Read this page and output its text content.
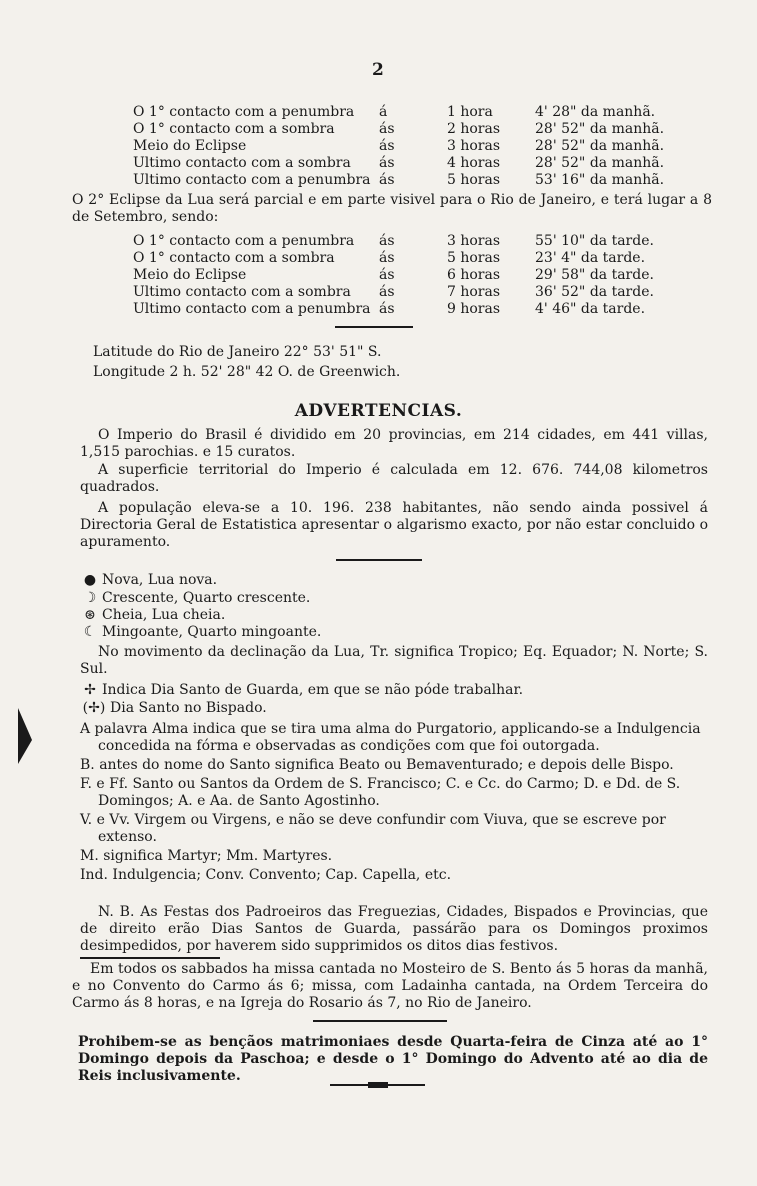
2
O 1° contacto com a penumbra á	1 hora	4' 28" da manhã.
O 1° contacto com a sombra	ás	2 horas 28' 52" da manhã.
Meio do Eclipse	ás	3 horas 28' 52" da manhã.
Ultimo contacto com a sombra ás	4 horas 28' 52" da manhã.
Ultimo contacto com a penumbra ás	5 horas 53' 16" da manhã.
O 2° Eclipse da Lua será parcial e em parte visivel para o Rio de Janeiro, e terá lugar a 8 de Setembro, sendo:
O 1° contacto com a penumbra ás	3 horas 55' 10" da tarde.
O 1° contacto com a sombra	ás	5 horas 23' 4" da tarde.
Meio do Eclipse	ás	6 horas 29' 58" da tarde.
Ultimo contacto com a sombra ás	7 horas 36' 52" da tarde.
Ultimo contacto com a penumbra ás	9 horas 4' 46" da tarde.
Latitude do Rio de Janeiro 22° 53' 51" S.
Longitude 2 h. 52' 28" 42 O. de Greenwich.
ADVERTENCIAS.
O Imperio do Brasil é dividido em 20 provincias, em 214 cidades, em 441 villas, 1,515 parochias. e 15 curatos.
A superficie territorial do Imperio é calculada em 12. 676. 744,08 kilometros quadrados.
A população eleva-se a 10. 196. 238 habitantes, não sendo ainda possivel á Directoria Geral de Estatistica apresentar o algarismo exacto, por não estar concluido o apuramento.
● Nova, Lua nova.
☽ Crescente, Quarto crescente.
⊛ Cheia, Lua cheia.
☾ Mingoante, Quarto mingoante.
No movimento da declinação da Lua, Tr. significa Tropico; Eq. Equador; N. Norte; S. Sul.
✢ Indica Dia Santo de Guarda, em que se não póde trabalhar.
(✢) Dia Santo no Bispado.
A palavra Alma indica que se tira uma alma do Purgatorio, applicando-se a Indulgencia concedida na fórma e observadas as condições com que foi outorgada.
B. antes do nome do Santo significa Beato ou Bemaventurado; e depois delle Bispo.
F. e Ff. Santo ou Santos da Ordem de S. Francisco; C. e Cc. do Carmo; D. e Dd. de S. Domingos; A. e Aa. de Santo Agostinho.
V. e Vv. Virgem ou Virgens, e não se deve confundir com Viuva, que se escreve por extenso.
M. significa Martyr; Mm. Martyres.
Ind. Indulgencia; Conv. Convento; Cap. Capella, etc.
N. B. As Festas dos Padroeiros das Freguezias, Cidades, Bispados e Provincias, que de direito erão Dias Santos de Guarda, passárão para os Domingos proximos desimpedidos, por haverem sido supprimidos os ditos dias festivos.
Em todos os sabbados ha missa cantada no Mosteiro de S. Bento ás 5 horas da manhã, e no Convento do Carmo ás 6; missa, com Ladainha cantada, na Ordem Terceira do Carmo ás 8 horas, e na Igreja do Rosario ás 7, no Rio de Janeiro.
Prohibem-se as bençãos matrimoniaes desde Quarta-feira de Cinza até ao 1° Domingo depois da Paschoa; e desde o 1° Domingo do Advento até ao dia de Reis inclusivamente.
